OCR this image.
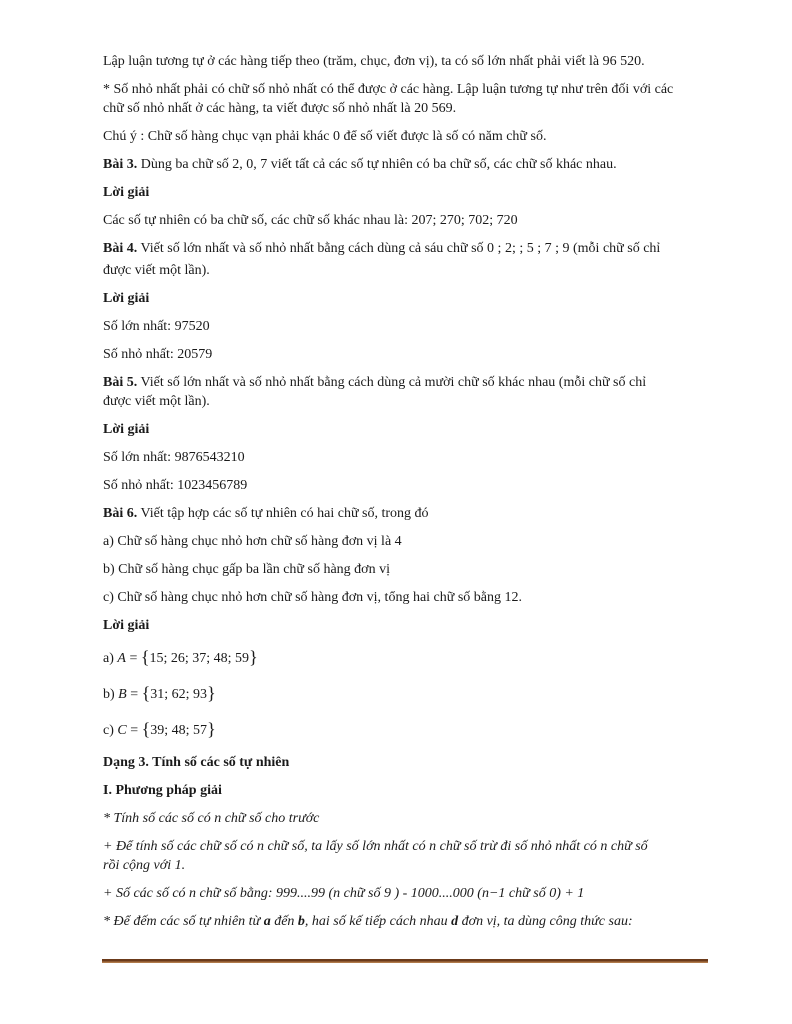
Lập luận tương tự ở các hàng tiếp theo (trăm, chục, đơn vị), ta có số lớn nhất phải viết là 96 520.

* Số nhỏ nhất phải có chữ số nhỏ nhất có thể được ở các hàng. Lập luận tương tự như trên đối với các

chữ số nhỏ nhất ở các hàng, ta viết được số nhỏ nhất là 20 569.

Chú ý : Chữ số hàng chục vạn phải khác 0 để số viết được là số có năm chữ số.

Bài 3. Dùng ba chữ số 2, 0, 7 viết tất cả các số tự nhiên có ba chữ số, các chữ số khác nhau.

Lời giải

Các số tự nhiên có ba chữ số, các chữ số khác nhau là: 207; 270; 702; 720

Bài 4. Viết số lớn nhất và số nhỏ nhất bằng cách dùng cả sáu chữ số 0 ; 2; ; 5 ; 7 ; 9 (mỗi chữ số chỉ

được viết một lần).

Lời giải

Số lớn nhất: 97520

Số nhỏ nhất: 20579

Bài 5. Viết số lớn nhất và số nhỏ nhất bằng cách dùng cả mười chữ số khác nhau (mỗi chữ số chỉ

được viết một lần).

Lời giải

Số lớn nhất: 9876543210

Số nhỏ nhất: 1023456789

Bài 6. Viết tập hợp các số tự nhiên có hai chữ số, trong đó

a) Chữ số hàng chục nhỏ hơn chữ số hàng đơn vị là 4

b) Chữ số hàng chục gấp ba lần chữ số hàng đơn vị

c) Chữ số hàng chục nhỏ hơn chữ số hàng đơn vị, tổng hai chữ số bằng 12.

Lời giải

a) A = {15; 26; 37; 48; 59}

b) B = {31; 62; 93}

c) C = {39; 48; 57}

Dạng 3. Tính số các số tự nhiên

I. Phương pháp giải

* Tính số các số có n chữ số cho trước

+ Để tính số các chữ số có n chữ số, ta lấy số lớn nhất có n chữ số trừ đi số nhỏ nhất có n chữ số

rồi cộng với 1.

+ Số các số có n chữ số bằng: 999....99 (n chữ số 9 ) - 1000....000 (n−1 chữ số 0) + 1

* Để đếm các số tự nhiên từ a đến b, hai số kế tiếp cách nhau d đơn vị, ta dùng công thức sau:
